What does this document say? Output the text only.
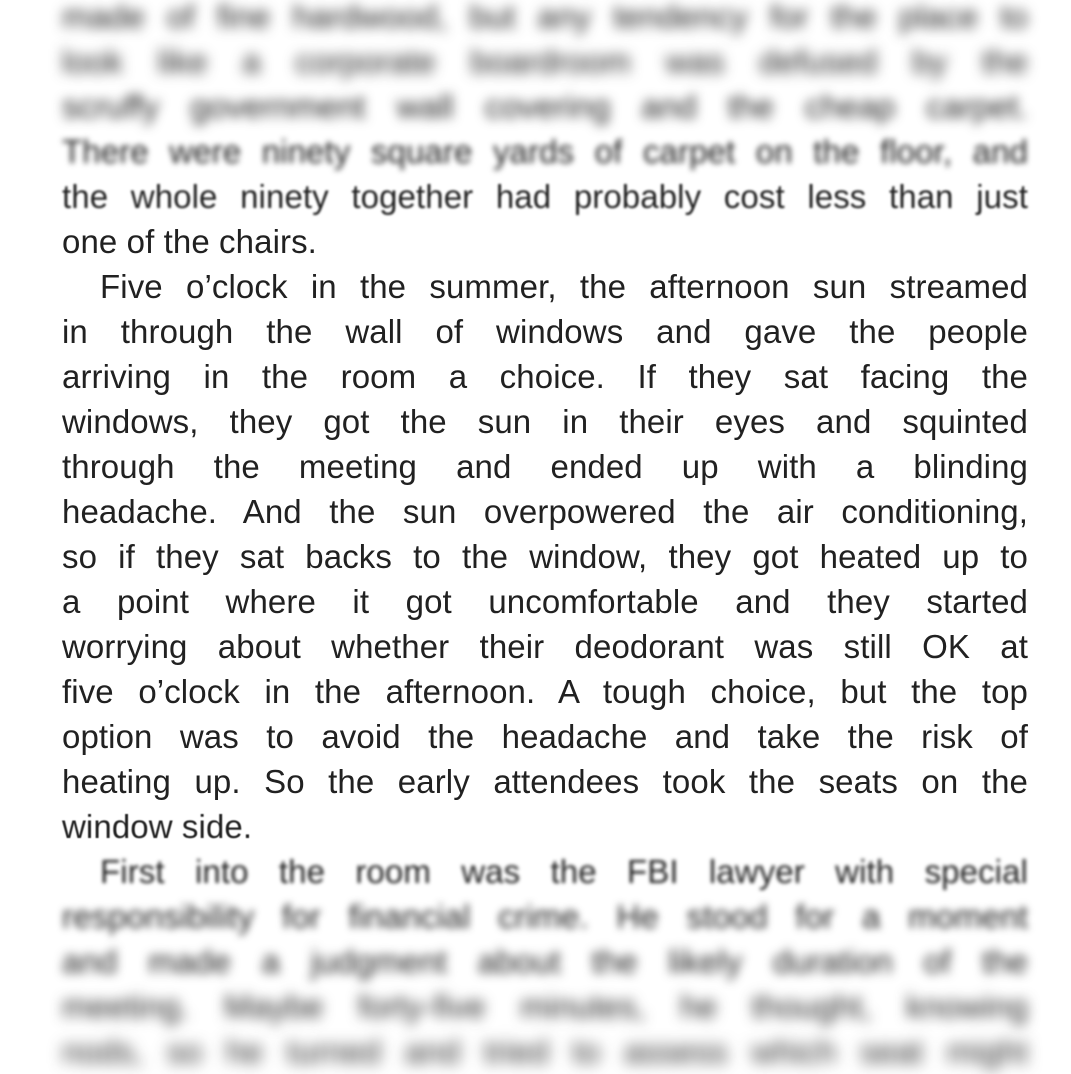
made of fine hardwood, but any tendency for the place to
look like a corporate boardroom was defused by the
scruffy government wall covering and the cheap carpet.
There were ninety square yards of carpet on the floor, and
the whole ninety together had probably cost less than just
one of the chairs.
Five o’clock in the summer, the afternoon sun streamed
in through the wall of windows and gave the people
arriving in the room a choice. If they sat facing the
windows, they got the sun in their eyes and squinted
through the meeting and ended up with a blinding
headache. And the sun overpowered the air conditioning,
so if they sat backs to the window, they got heated up to
a point where it got uncomfortable and they started
worrying about whether their deodorant was still OK at
five o’clock in the afternoon. A tough choice, but the top
option was to avoid the headache and take the risk of
heating up. So the early attendees took the seats on the
window side.
First into the room was the FBI lawyer with special
responsibility for financial crime. He stood for a moment
and made a judgment about the likely duration of the
meeting. Maybe forty-five minutes, he thought, knowing
nods, so he turned and tried to assess which seat might
